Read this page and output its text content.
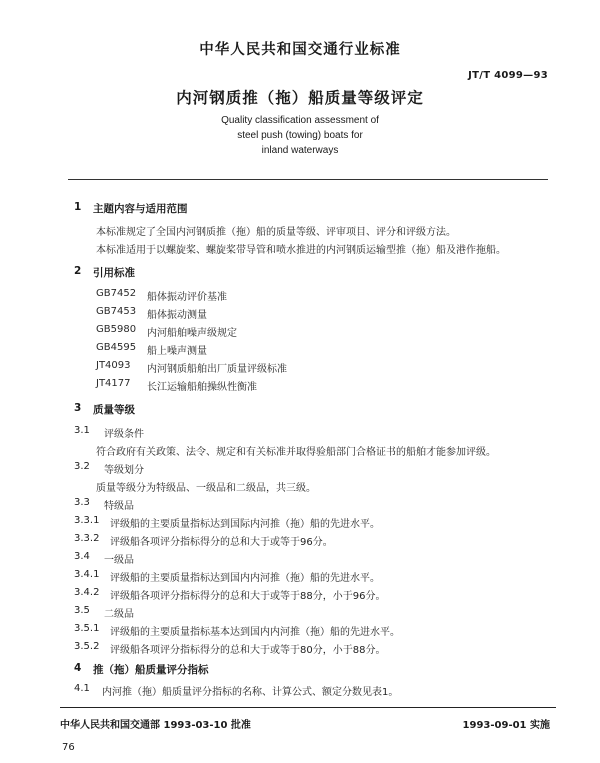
中华人民共和国交通行业标准
JT/T 4099—93
内河钢质推（拖）船质量等级评定
Quality classification assessment of
steel push (towing) boats for
inland waterways
1 主题内容与适用范围
本标准规定了全国内河钢质推（拖）船的质量等级、评审项目、评分和评级方法。
本标准适用于以螺旋桨、螺旋桨带导管和喷水推进的内河钢质运输型推（拖）船及港作拖船。
2 引用标准
GB7452 船体振动评价基准
GB7453 船体振动测量
GB5980 内河船舶噪声级规定
GB4595 船上噪声测量
JT4093 内河钢质船舶出厂质量评级标准
JT4177 长江运输船舶操纵性衡准
3 质量等级
3.1 评级条件
符合政府有关政策、法令、规定和有关标准并取得验船部门合格证书的船舶才能参加评级。
3.2 等级划分
质量等级分为特级品、一级品和二级品，共三级。
3.3 特级品
3.3.1 评级船的主要质量指标达到国际内河推（拖）船的先进水平。
3.3.2 评级船各项评分指标得分的总和大于或等于96分。
3.4 一级品
3.4.1 评级船的主要质量指标达到国内内河推（拖）船的先进水平。
3.4.2 评级船各项评分指标得分的总和大于或等于88分，小于96分。
3.5 二级品
3.5.1 评级船的主要质量指标基本达到国内内河推（拖）船的先进水平。
3.5.2 评级船各项评分指标得分的总和大于或等于80分，小于88分。
4 推（拖）船质量评分指标
4.1 内河推（拖）船质量评分指标的名称、计算公式、额定分数见表1。
中华人民共和国交通部 1993-03-10 批准	1993-09-01 实施
76
